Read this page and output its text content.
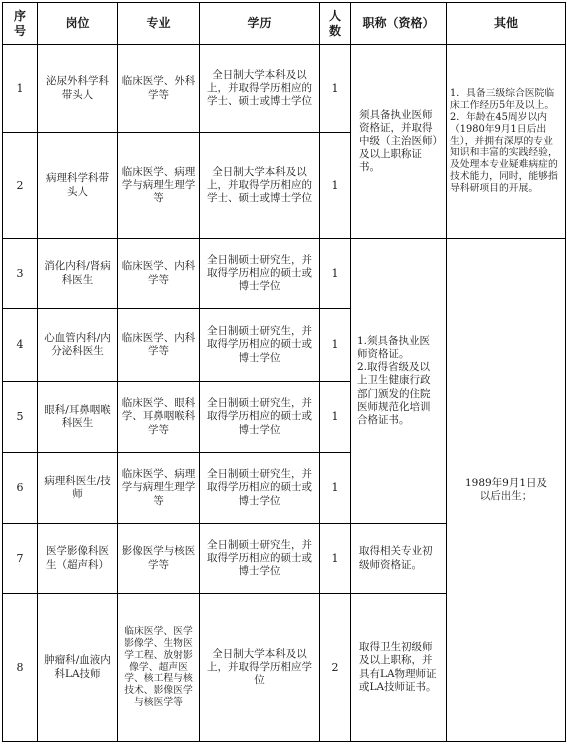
序号	岗位	专业	学历	人数	职称（资格）	其他
1	泌尿外科学科带头人	临床医学、外科学等	全日制大学本科及以上，并取得学历相应的学士、硕士或博士学位	1	须具备执业医师资格证，并取得中级（主治医师）及以上职称证书。	1．具备三级综合医院临床工作经历5年及以上。
2．年龄在45周岁以内（1980年9月1日后出生），并拥有深厚的专业知识和丰富的实践经验，及处理本专业疑难病症的技术能力，同时，能够指导科研项目的开展。
2	病理科学科带头人	临床医学、病理学与病理生理学等	全日制大学本科及以上，并取得学历相应的学士、硕士或博士学位	1		
3	消化内科/肾病科医生	临床医学、内科学等	全日制硕士研究生，并取得学历相应的硕士或博士学位	1	1.须具备执业医师资格证。
2.取得省级及以上卫生健康行政部门颁发的住院医师规范化培训合格证书。	1989年9月1日及以后出生；
4	心血管内科/内分泌科医生	临床医学、内科学等	全日制硕士研究生，并取得学历相应的硕士或博士学位	1		
5	眼科/耳鼻咽喉科医生	临床医学、眼科学、耳鼻咽喉科学等	全日制硕士研究生，并取得学历相应的硕士或博士学位	1		
6	病理科医生/技师	临床医学、病理学与病理生理学等	全日制硕士研究生，并取得学历相应的硕士或博士学位	1		
7	医学影像科医生（超声科）	影像医学与核医学等	全日制硕士研究生，并取得学历相应的硕士或博士学位	1	取得相关专业初级师资格证。	
8	肿瘤科/血液内科LA技师	临床医学、医学影像学、生物医学工程、放射影像学、超声医学、核工程与核技术、影像医学与核医学等	全日制大学本科及以上，并取得学历相应学位	2	取得卫生初级师及以上职称，并具有LA物理师证或LA技师证书。	
